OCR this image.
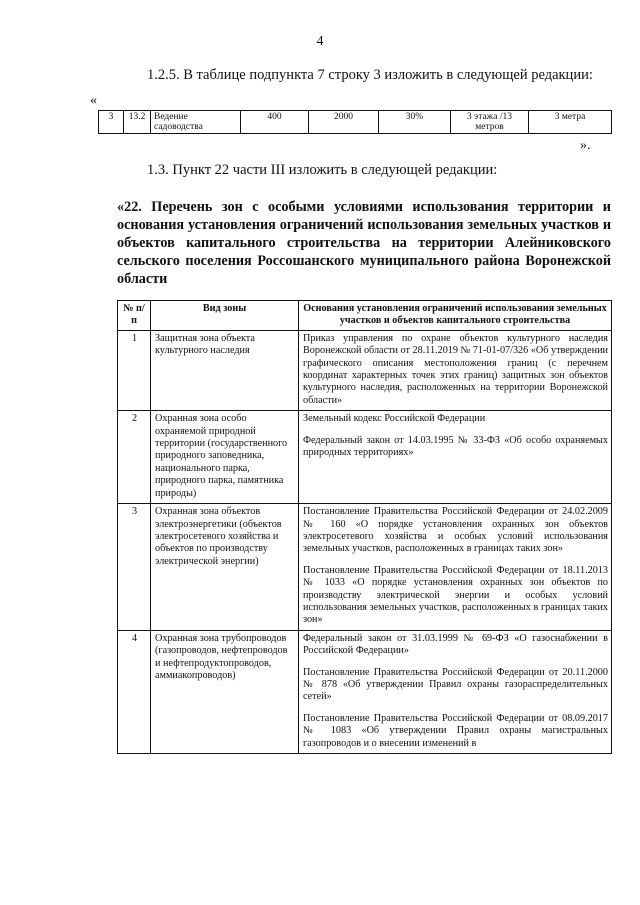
4
1.2.5. В таблице подпункта 7 строку 3 изложить в следующей редакции:
«
3	13.2	Ведение садоводства	400	2000	30%	3 этажа /13 метров	3 метра
».
1.3. Пункт 22 части III изложить в следующей редакции:
«22. Перечень зон с особыми условиями использования территории и основания установления ограничений использования земельных участков и объектов капитального строительства на территории Алейниковского сельского поселения Россошанского муниципального района Воронежской области
№ п/п	Вид зоны	Основания установления ограничений использования земельных участков и объектов капитального строительства
1	Защитная зона объекта культурного наследия	Приказ управления по охране объектов культурного наследия Воронежской области от 28.11.2019 № 71-01-07/326 «Об утверждении графического описания местоположения границ (с перечнем координат характерных точек этих границ) защитных зон объектов культурного наследия, расположенных на территории Воронежской области»

2	Охранная зона особо охраняемой природной территории (государственного природного заповедника, национального парка, природного парка, памятника природы)	Земельный кодекс Российской Федерации

Федеральный закон от 14.03.1995 № 33-ФЗ «Об особо охраняемых природных территориях»

3	Охранная зона объектов электроэнергетики (объектов электросетевого хозяйства и объектов по производству электрической энергии)	Постановление Правительства Российской Федерации от 24.02.2009 № 160 «О порядке установления охранных зон объектов электросетевого хозяйства и особых условий использования земельных участков, расположенных в границах таких зон»

Постановление Правительства Российской Федерации от 18.11.2013 № 1033 «О порядке установления охранных зон объектов по производству электрической энергии и особых условий использования земельных участков, расположенных в границах таких зон»

4	Охранная зона трубопроводов (газопроводов, нефтепроводов и нефтепродуктопроводов, аммиакопроводов)	Федеральный закон от 31.03.1999 № 69-ФЗ «О газоснабжении в Российской Федерации»

Постановление Правительства Российской Федерации от 20.11.2000 № 878 «Об утверждении Правил охраны газораспределительных сетей»

Постановление Правительства Российской Федерации от 08.09.2017 № 1083 «Об утверждении Правил охраны магистральных газопроводов и о внесении изменений в
